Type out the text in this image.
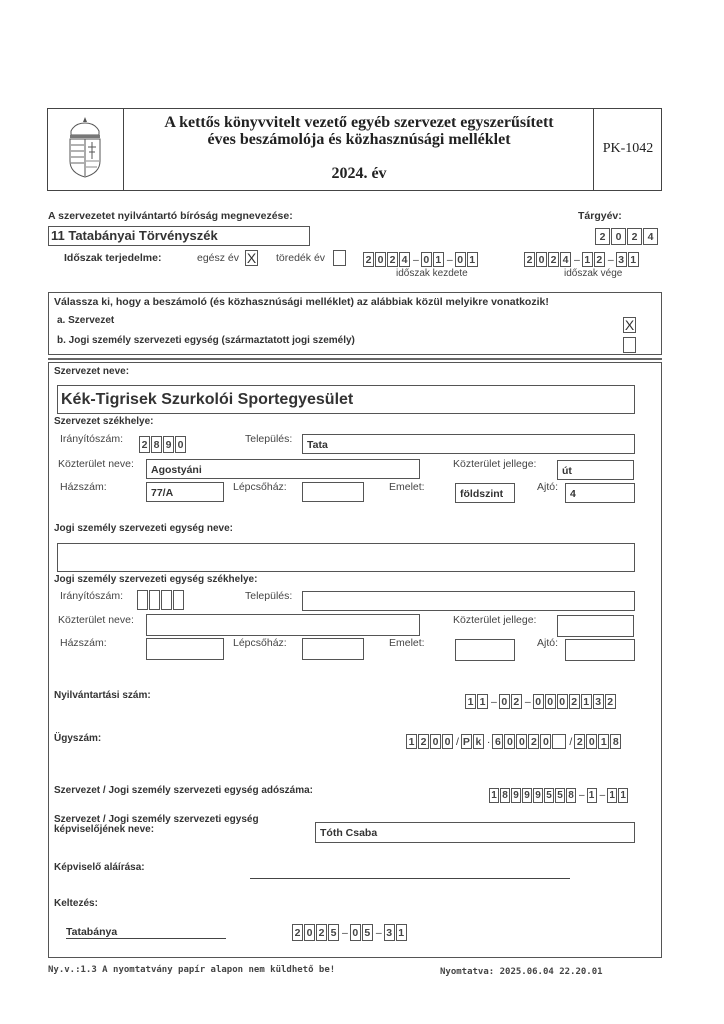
A kettős könyvvitelt vezető egyéb szervezet egyszerűsített
éves beszámolója és közhasznúsági melléklet
2024. év
PK-1042
A szervezetet nyilvántartó bíróság megnevezése:	Tárgyév:
11 Tatabányai Törvényszék	2 0 2 4
Időszak terjedelme:	egész év X töredék év	2 0 2 4 – 0 1 – 0 1
időszak kezdete
2 0 2 4 – 1 2 – 3 1
időszak vége
Válassza ki, hogy a beszámoló (és közhasznúsági melléklet) az alábbiak közül melyikre vonatkozik!
a. Szervezet	X
b. Jogi személy szervezeti egység (származtatott jogi személy)
Szervezet neve:
Kék-Tigrisek Szurkolói Sportegyesület
Szervezet székhelye:
Irányítószám: 2 8 9 0	Település:	Tata
Közterület neve:	Agostyáni	Közterület jellege:
út
Házszám:	77/A	Lépcsőház:	Emelet:
földszint
Ajtó:
4
Jogi személy szervezeti egység neve:
Jogi személy szervezeti egység székhelye:
Irányítószám:	Település:
Közterület neve:	Közterület jellege:
Házszám:	Lépcsőház:	Emelet:	Ajtó:
Nyilvántartási szám:	1 1 – 0 2 – 0 0 0 2 1 3 2
Ügyszám:	1 2 0 0 / P k · 6 0 0 2 0 / 2 0 1 8
Szervezet / Jogi személy szervezeti egység adószáma:	1 8 9 9 9 5 5 8 – 1 – 1 1
Szervezet / Jogi személy szervezeti egység
képviselőjének neve:	Tóth Csaba
Képviselő aláírása:
Keltezés:
Tatabánya	2 0 2 5 – 0 5 – 3 1
Ny.v.:1.3 A nyomtatvány papír alapon nem küldhető be!	Nyomtatva: 2025.06.04 22.20.01
